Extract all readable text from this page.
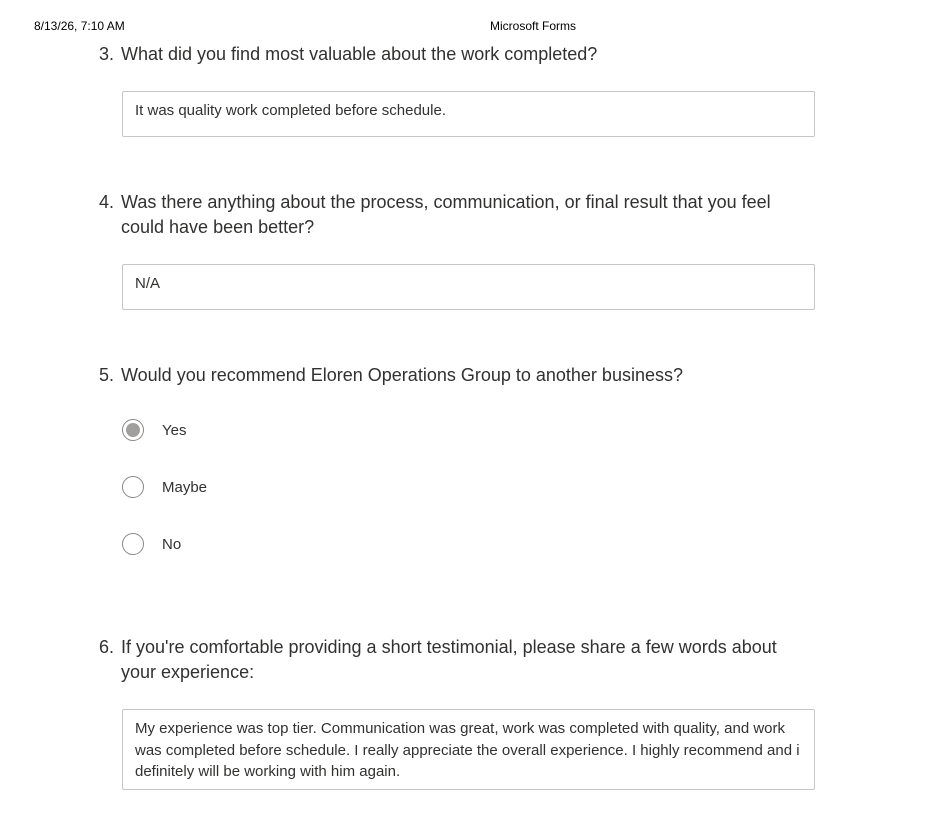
8/13/26, 7:10 AM	Microsoft Forms
3. What did you find most valuable about the work completed?
It was quality work completed before schedule.
4. Was there anything about the process, communication, or final result that you feel could have been better?
N/A
5. Would you recommend Eloren Operations Group to another business?
Yes
Maybe
No
6. If you're comfortable providing a short testimonial, please share a few words about your experience:
My experience was top tier. Communication was great, work was completed with quality, and work was completed before schedule. I really appreciate the overall experience. I highly recommend and i definitely will be working with him again.
